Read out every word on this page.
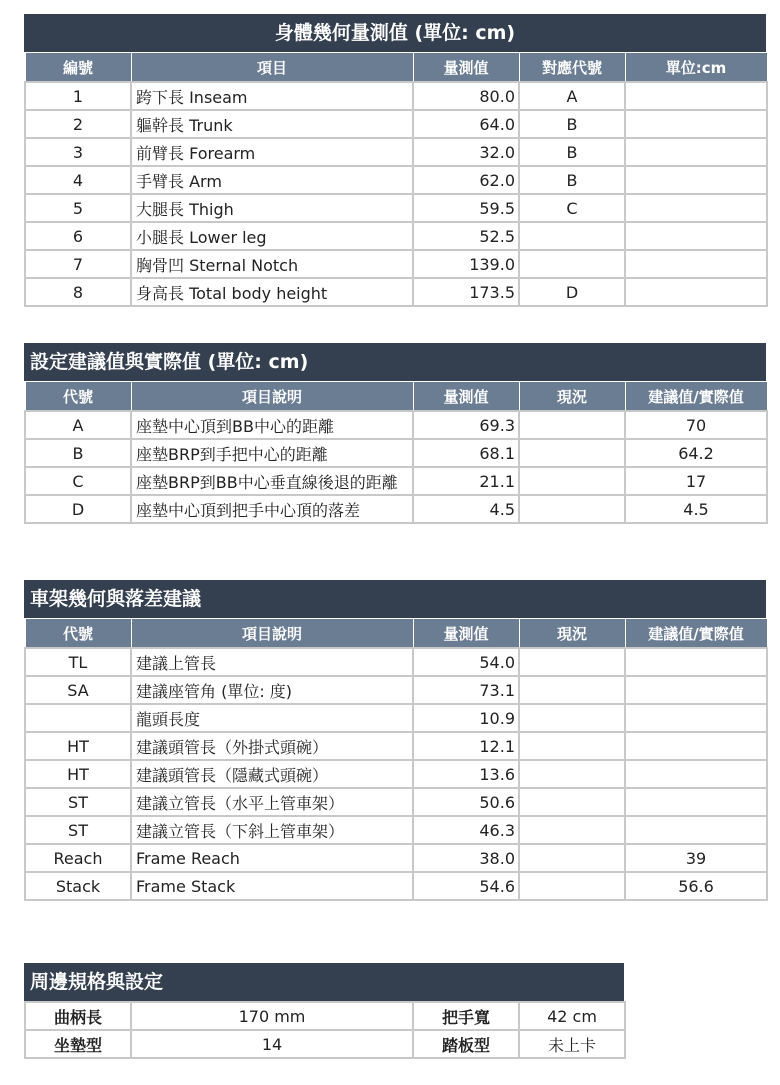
身體幾何量測值 (單位: cm)
編號	項目	量測值	對應代號	單位:cm
1	跨下長 Inseam	80.0	A	
2	軀幹長 Trunk	64.0	B	
3	前臂長 Forearm	32.0	B	
4	手臂長 Arm	62.0	B	
5	大腿長 Thigh	59.5	C	
6	小腿長 Lower leg	52.5		
7	胸骨凹 Sternal Notch	139.0		
8	身高長 Total body height	173.5	D	
設定建議值與實際值 (單位: cm)
代號	項目說明	量測值	現況	建議值/實際值
A	座墊中心頂到BB中心的距離	69.3		70
B	座墊BRP到手把中心的距離	68.1		64.2
C	座墊BRP到BB中心垂直線後退的距離	21.1		17
D	座墊中心頂到把手中心頂的落差	4.5		4.5
車架幾何與落差建議
代號	項目說明	量測值	現況	建議值/實際值
TL	建議上管長	54.0		
SA	建議座管角 (單位: 度)	73.1		
	龍頭長度	10.9		
HT	建議頭管長（外掛式頭碗）	12.1		
HT	建議頭管長（隱藏式頭碗）	13.6		
ST	建議立管長（水平上管車架）	50.6		
ST	建議立管長（下斜上管車架）	46.3		
Reach	Frame Reach	38.0		39
Stack	Frame Stack	54.6		56.6
周邊規格與設定
曲柄長	170 mm	把手寬	42 cm
坐墊型	14	踏板型	未上卡
